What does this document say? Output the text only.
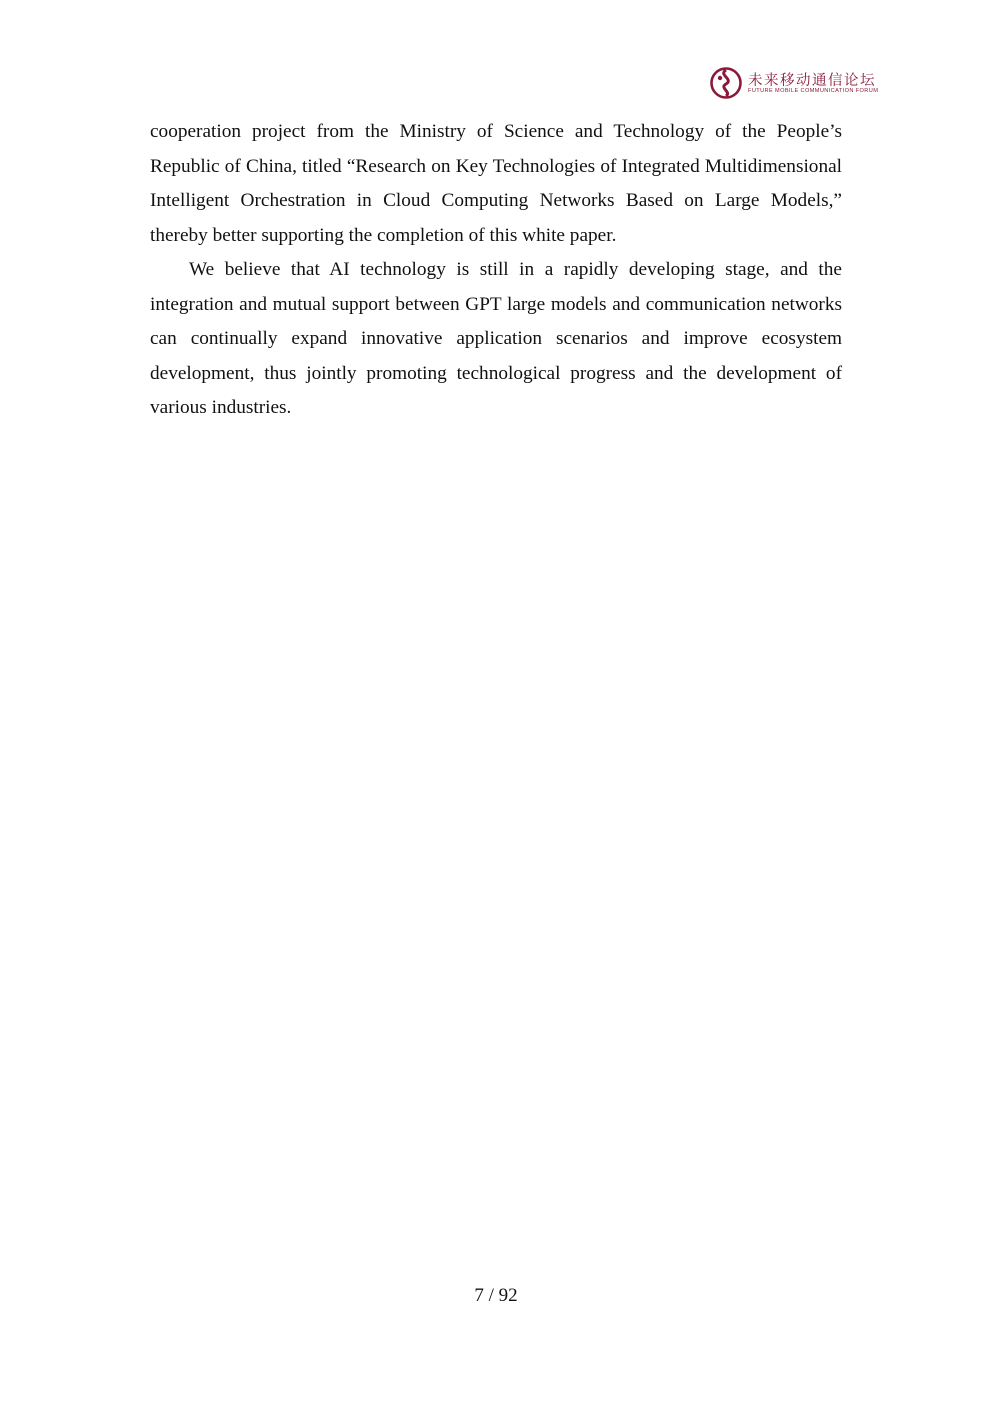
未来移动通信论坛
FUTURE MOBILE COMMUNICATION FORUM

cooperation project from the Ministry of Science and Technology of the People’s Republic of China, titled “Research on Key Technologies of Integrated Multidimensional Intelligent Orchestration in Cloud Computing Networks Based on Large Models,” thereby better supporting the completion of this white paper.

We believe that AI technology is still in a rapidly developing stage, and the integration and mutual support between GPT large models and communication networks can continually expand innovative application scenarios and improve ecosystem development, thus jointly promoting technological progress and the development of various industries.

7 / 92
